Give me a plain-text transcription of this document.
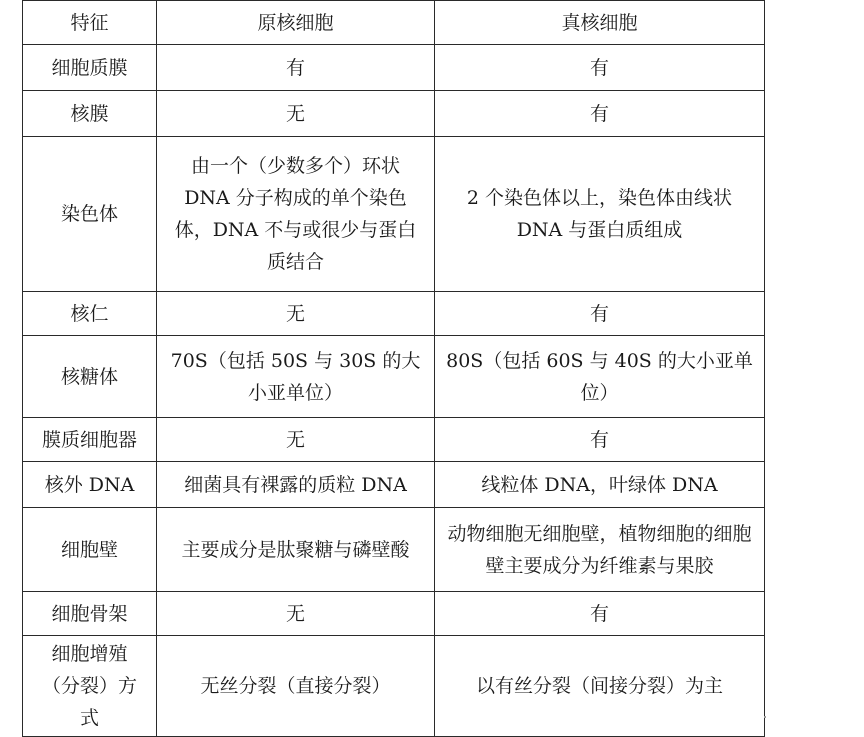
特征	原核细胞	真核细胞
细胞质膜	有	有
核膜	无	有
染色体	由一个（少数多个）环状DNA 分子构成的单个染色体，DNA 不与或很少与蛋白质结合	2 个染色体以上，染色体由线状DNA 与蛋白质组成
核仁	无	有
核糖体	70S（包括 50S 与 30S 的大小亚单位）	80S（包括 60S 与 40S 的大小亚单位）
膜质细胞器	无	有
核外 DNA	细菌具有裸露的质粒 DNA	线粒体 DNA，叶绿体 DNA
细胞壁	主要成分是肽聚糖与磷壁酸	动物细胞无细胞壁，植物细胞的细胞壁主要成分为纤维素与果胶
细胞骨架	无	有
细胞增殖（分裂）方式	无丝分裂（直接分裂）	以有丝分裂（间接分裂）为主
